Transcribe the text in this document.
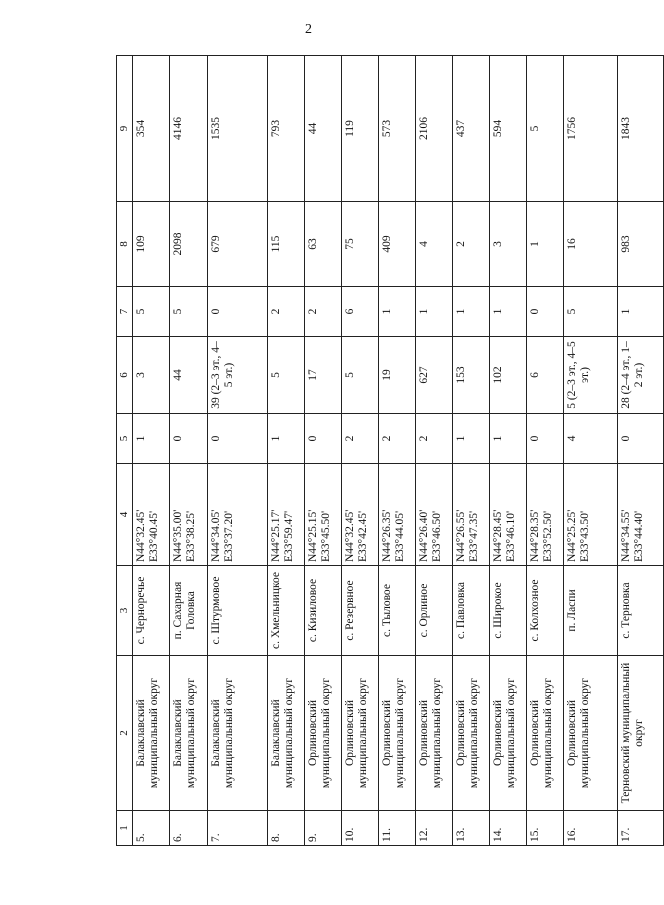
2
1	2	3	4	5	6	7	8	9
5.	Балаклавский муниципальный округ	с. Черноречье	N44°32.45' E33°40.45'	1	3	5	109	354
6.	Балаклавский муниципальный округ	п. Сахарная Головка	N44°35.00' E33°38.25'	0	44	5	2098	4146
7.	Балаклавский муниципальный округ	с. Штурмовое	N44°34.05' E33°37.20'	0	39 (2–3 эт., 4–5 эт.)	0	679	1535
8.	Балаклавский муниципальный округ	с. Хмельницкое	N44°25.17' E33°59.47'	1	5	2	115	793
9.	Орлиновский муниципальный округ	с. Кизиловое	N44°25.15' E33°45.50'	0	17	2	63	44
10.	Орлиновский муниципальный округ	с. Резервное	N44°32.45' E33°42.45'	2	5	6	75	119
11.	Орлиновский муниципальный округ	с. Тыловое	N44°26.35' E33°44.05'	2	19	1	409	573
12.	Орлиновский муниципальный округ	с. Орлиное	N44°26.40' E33°46.50'	2	627	1	4	2106
13.	Орлиновский муниципальный округ	с. Павловка	N44°26.55' E33°47.35'	1	153	1	2	437
14.	Орлиновский муниципальный округ	с. Широкое	N44°28.45' E33°46.10'	1	102	1	3	594
15.	Орлиновский муниципальный округ	с. Колхозное	N44°28.35' E33°52.50'	0	6	0	1	5
16.	Орлиновский муниципальный округ	п. Ласпи	N44°25.25' E33°43.50'	4	5 (2–3 эт., 4–5 эт.)	5	16	1756
17.	Терновский муниципальный округ	с. Терновка	N44°34.55' E33°44.40'	0	28 (2–4 эт., 1–2 эт.)	1	983	1843
